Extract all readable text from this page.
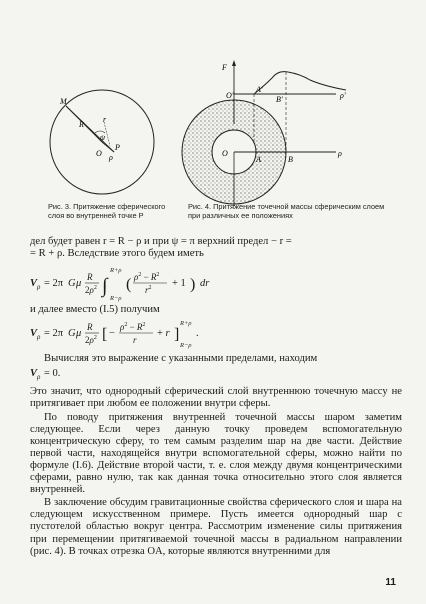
M
R
r
ψ
O
P
ρ
Рис. 3. Притяжение сферического слоя во внутренней точке P
F
ρ'
O'
A'
B'
ρ
O
A	B
Рис. 4. Притяжение точечной массы сферическим слоем при различных ее положениях

дел будет равен r = R − ρ и при ψ = π верхний предел − r =

= R + ρ. Вследствие этого будем иметь

V ρ = 2π G μ
R
$2\rho^2$ ∫
R+ρ
R−ρ
( $\rho^2 - R^2$
$r^2 + 1$ ) dr

и далее вместо (I.5) получим

V ρ = 2π G μ
R
$2\rho^2$ [ −
$\rho^2 - R^2$
r
+ r ]
R+ρ
R−ρ
.

Вычисляя это выражение с указанными пределами, находим

V ρ = 0.

Это значит, что однородный сферический слой внутреннюю точечную массу не притягивает при любом ее положении внутри сферы.

По поводу притяжения внутренней точечной массы шаром заметим следующее. Если через данную точку проведем вспомогательную концентрическую сферу, то тем самым разделим шар на две части. Действие первой части, находящейся внутри вспомогательной сферы, можно найти по формуле (I.6). Действие второй части, т. е. слоя между двумя концентрическими сферами, равно нулю, так как данная точка относительно этого слоя является внутренней.

В заключение обсудим гравитационные свойства сферического слоя и шара на следующем искусственном примере. Пусть имеется однородный шар с пустотелой областью вокруг центра. Рассмотрим изменение силы притяжения при перемещении притягиваемой точечной массы в радиальном направлении (рис. 4). В точках отрезка OA, которые являются внутренними для

11
